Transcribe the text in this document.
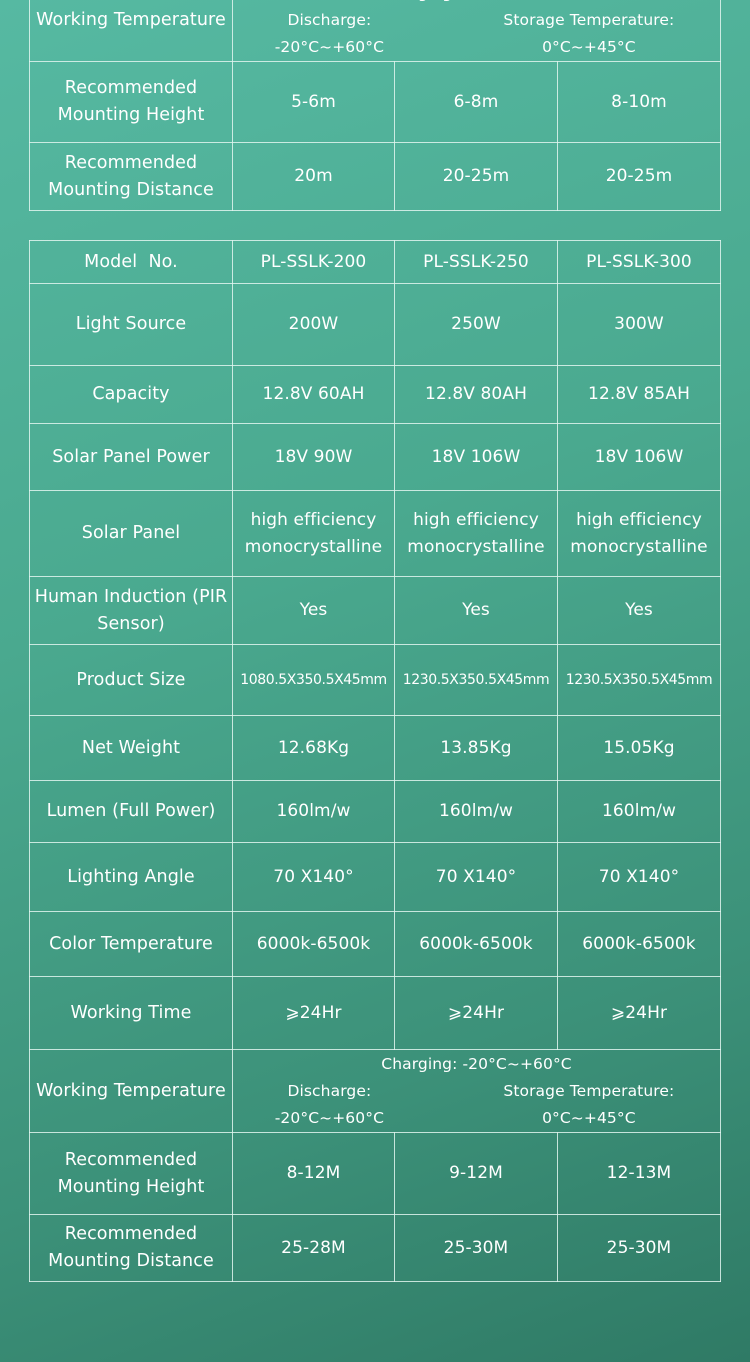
Working Temperature	Discharge: -20°C~+60°C
Storage Temperature: 0°C~+45°C		

Recommended Mounting Height	5-6m	6-8m	8-10m
Recommended Mounting Distance	20m	20-25m	20-25m
Model  No.	PL-SSLK-200	PL-SSLK-250	PL-SSLK-300
Light Source	200W	250W	300W
Capacity	12.8V 60AH	12.8V 80AH	12.8V 85AH
Solar Panel Power	18V 90W	18V 106W	18V 106W
Solar Panel	high efficiency monocrystalline	high efficiency monocrystalline	high efficiency monocrystalline
Human Induction (PIR Sensor)	Yes	Yes	Yes
Product Size	1080.5X350.5X45mm	1230.5X350.5X45mm	1230.5X350.5X45mm
Net Weight	12.68Kg	13.85Kg	15.05Kg
Lumen (Full Power)	160lm/w	160lm/w	160lm/w
Lighting Angle	70 X140°	70 X140°	70 X140°
Color Temperature	6000k-6500k	6000k-6500k	6000k-6500k
Working Time	⩾24Hr	⩾24Hr	⩾24Hr
Working Temperature	Charging: -20°C~+60°C
Discharge: -20°C~+60°C
Storage Temperature: 0°C~+45°C		

Recommended Mounting Height	8-12M	9-12M	12-13M
Recommended Mounting Distance	25-28M	25-30M	25-30M
